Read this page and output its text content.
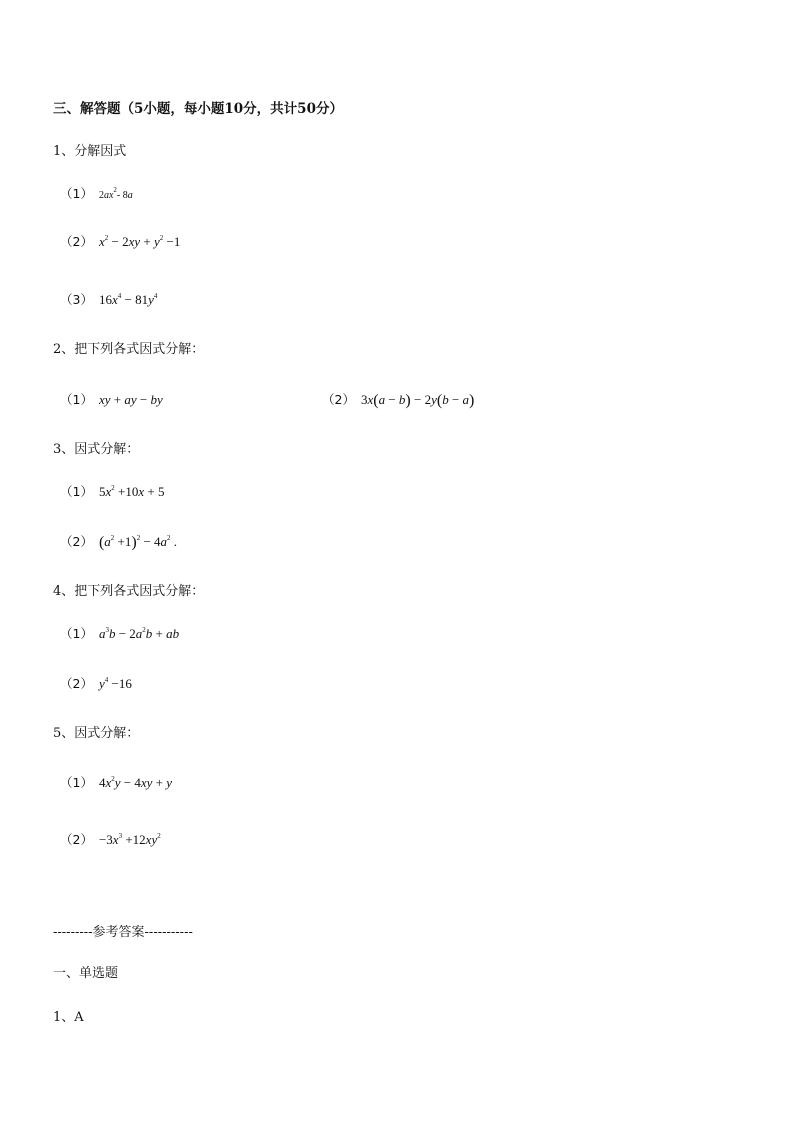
三、解答题（5小题，每小题10分，共计50分）
1、分解因式
（1） $2ax^2-$ 8a
（2） $x^2 - 2xy + y^2 -1$
（3） $16x^4 - 81y^4$
2、把下列各式因式分解：
（1） xy + ay − by	（2） 3x(a − b) − 2y(b − a)
3、因式分解：
（1） $5x^2 +10x + 5$
（2） $(a^2 +1)^2 - 4a^2$ .
4、把下列各式因式分解：
（1） $a^3b - 2a^2b$ + ab
（2） $y^4 -16$
5、因式分解：
（1） $4x^2y - 4xy + y$
$(2) -3x^3 +12xy^2$
---------参考答案-----------
一、单选题
1、A
